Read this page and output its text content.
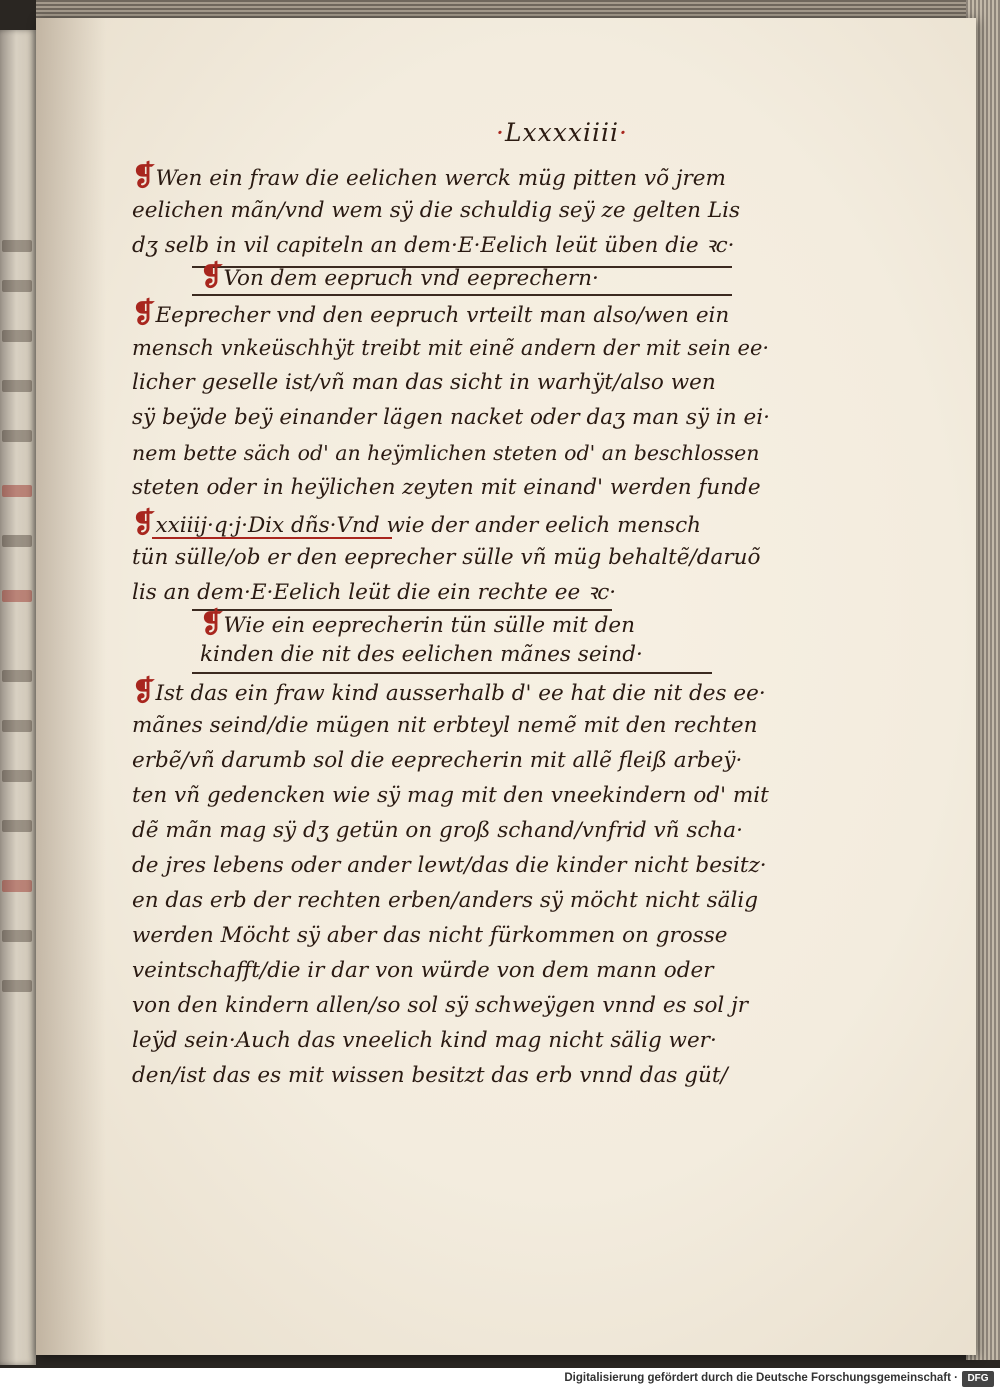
·Lxxxxiiii·
❡Wen ein fraw die eelichen werck müg pitten võ jrem
eelichen mãn/vnd wem sÿ die schuldig seÿ ze gelten Lis
dʒ selb in vil capiteln an dem·E·Eelich leüt üben die ꝛc·
❡Von dem eepruch vnd eeprechern·
❡Eeprecher vnd den eepruch vrteilt man also/wen ein
mensch vnkeüschhÿt treibt mit einẽ andern der mit sein ee·
licher geselle ist/vñ man das sicht in warhÿt/also wen
sÿ beÿde beÿ einander lägen nacket oder daʒ man sÿ in ei·
nem bette säch od' an heÿmlichen steten od' an beschlossen
steten oder in heÿlichen zeyten mit einand' werden funde
❡xxiiij·q·j·Dix dñs·Vnd wie der ander eelich mensch
tün sülle/ob er den eeprecher sülle vñ müg behaltẽ/daruõ
lis an dem·E·Eelich leüt die ein rechte ee ꝛc·
❡Wie ein eeprecherin tün sülle mit den
kinden die nit des eelichen mãnes seind·
❡Ist das ein fraw kind ausserhalb d' ee hat die nit des ee·
mãnes seind/die mügen nit erbteyl nemẽ mit den rechten
erbẽ/vñ darumb sol die eeprecherin mit allẽ fleiß arbeÿ·
ten vñ gedencken wie sÿ mag mit den vneekindern od' mit
dẽ mãn mag sÿ dʒ getün on groß schand/vnfrid vñ scha·
de jres lebens oder ander lewt/das die kinder nicht besitz·
en das erb der rechten erben/anders sÿ möcht nicht sälig
werden Möcht sÿ aber das nicht fürkommen on grosse
veintschafft/die ir dar von würde von dem mann oder
von den kindern allen/so sol sÿ schweÿgen vnnd es sol jr
leÿd sein·Auch das vneelich kind mag nicht sälig wer·
den/ist das es mit wissen besitzt das erb vnnd das güt/
Digitalisierung gefördert durch die Deutsche Forschungsgemeinschaft · DFG
